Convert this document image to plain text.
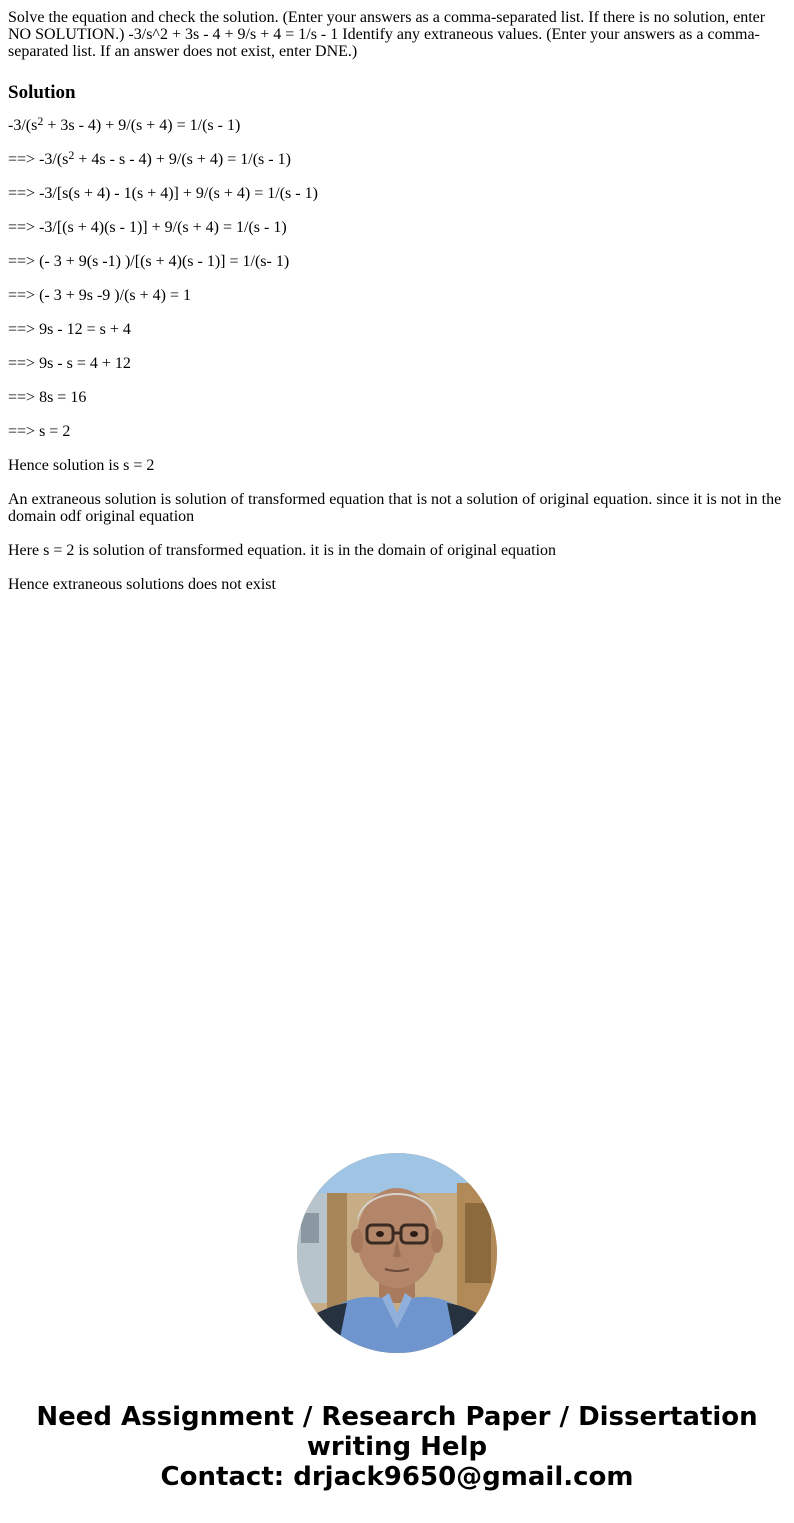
Solve the equation and check the solution. (Enter your answers as a comma-separated list. If there is no solution, enter NO SOLUTION.) -3/s^2 + 3s - 4 + 9/s + 4 = 1/s - 1 Identify any extraneous values. (Enter your answers as a comma-separated list. If an answer does not exist, enter DNE.)

Solution

$-3/(s^2 + 3s - 4) + 9/(s + 4) = 1/(s - 1)$

==> $-3/(s^2 + 4s - s - 4) + 9/(s + 4) = 1/(s - 1)$

==> -3/[s(s + 4) - 1(s + 4)] + 9/(s + 4) = 1/(s - 1)

==> -3/[(s + 4)(s - 1)] + 9/(s + 4) = 1/(s - 1)

==> (- 3 + 9(s -1) )/[(s + 4)(s - 1)] = 1/(s- 1)

==> (- 3 + 9s -9 )/(s + 4) = 1

==> 9s - 12 = s + 4

==> 9s - s = 4 + 12

==> 8s = 16

==> s = 2

Hence solution is s = 2

An extraneous solution is solution of transformed equation that is not a solution of original equation. since it is not in the domain odf original equation

Here s = 2 is solution of transformed equation. it is in the domain of original equation

Hence extraneous solutions does not exist

Need Assignment / Research Paper / Dissertation
writing Help
Contact: drjack9650@gmail.com
